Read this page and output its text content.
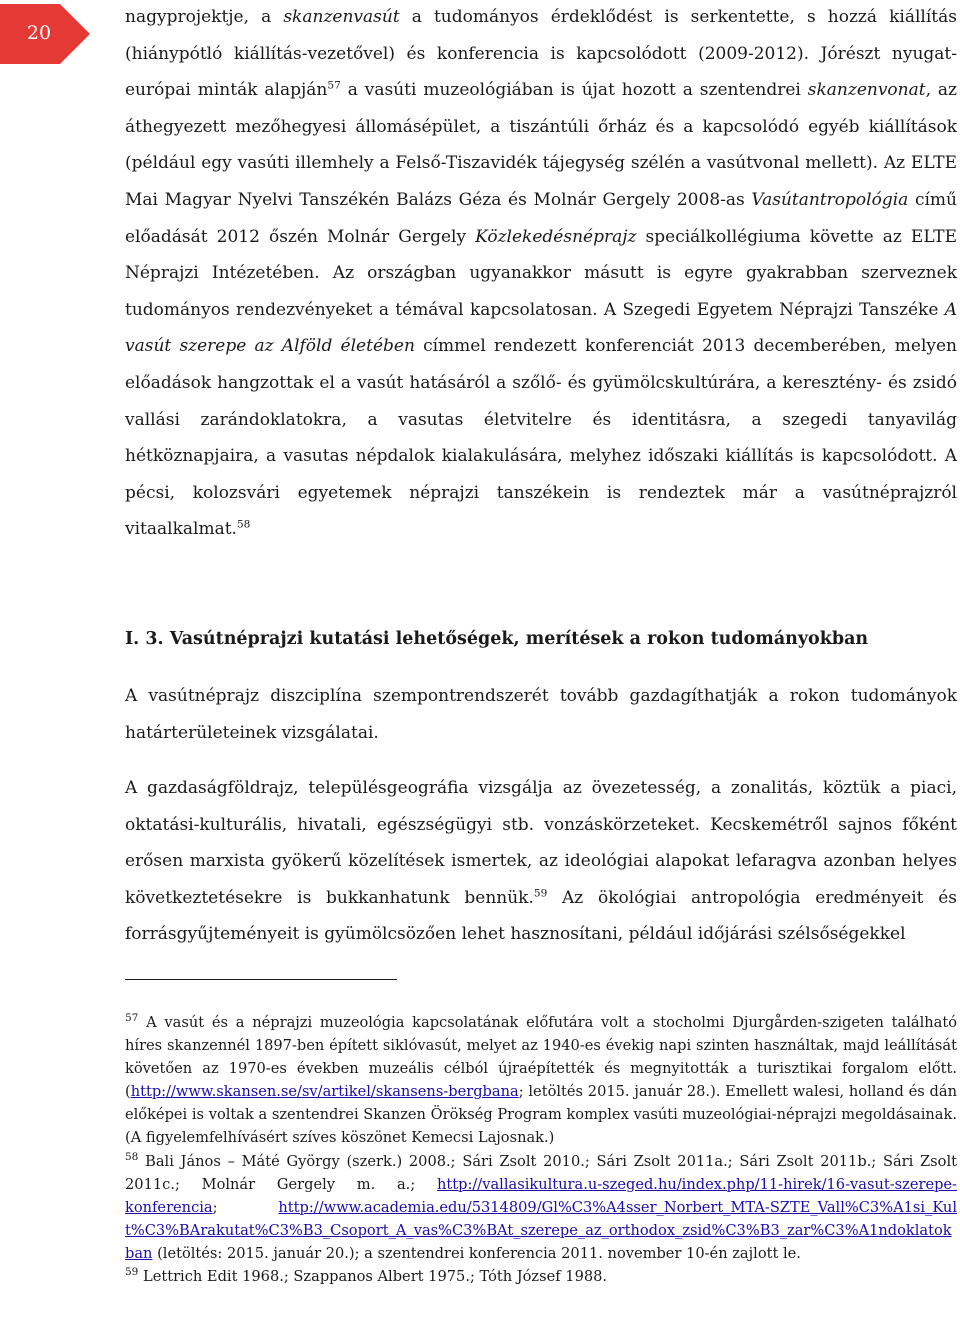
20

nagyprojektje, a skanzenvasút a tudományos érdeklődést is serkentette, s hozzá kiállítás (hiánypótló kiállítás-vezetővel) és konferencia is kapcsolódott (2009-2012). Jórészt nyugat-európai minták alapján$^{57}$ a vasúti muzeológiában is újat hozott a szentendrei skanzenvonat, az áthegyezett mezőhegyesi állomásépület, a tiszántúli őrház és a kapcsolódó egyéb kiállítások (például egy vasúti illemhely a Felső-Tiszavidék tájegység szélén a vasútvonal mellett). Az ELTE Mai Magyar Nyelvi Tanszékén Balázs Géza és Molnár Gergely 2008-as Vasútantropológia című előadását 2012 őszén Molnár Gergely Közlekedésnéprajz speciálkollégiuma követte az ELTE Néprajzi Intézetében. Az országban ugyanakkor másutt is egyre gyakrabban szerveznek tudományos rendezvényeket a témával kapcsolatosan. A Szegedi Egyetem Néprajzi Tanszéke A vasút szerepe az Alföld életében címmel rendezett konferenciát 2013 decemberében, melyen előadások hangzottak el a vasút hatásáról a szőlő- és gyümölcskultúrára, a keresztény- és zsidó vallási zarándoklatokra, a vasutas életvitelre és identitásra, a szegedi tanyavilág hétköznapjaira, a vasutas népdalok kialakulására, melyhez időszaki kiállítás is kapcsolódott. A pécsi, kolozsvári egyetemek néprajzi tanszékein is rendeztek már a vasútnéprajzról vitaalkalmat.$^{58}$

I. 3. Vasútnéprajzi kutatási lehetőségek, merítések a rokon tudományokban

A vasútnéprajz diszciplína szempontrendszerét tovább gazdagíthatják a rokon tudományok határterületeinek vizsgálatai.

A gazdaságföldrajz, településgeográfia vizsgálja az övezetesség, a zonalitás, köztük a piaci, oktatási-kulturális, hivatali, egészségügyi stb. vonzáskörzeteket. Kecskemétről sajnos főként erősen marxista gyökerű közelítések ismertek, az ideológiai alapokat lefaragva azonban helyes következtetésekre is bukkanhatunk bennük.$^{59}$ Az ökológiai antropológia eredményeit és forrásgyűjteményeit is gyümölcsözően lehet hasznosítani, például időjárási szélsőségekkel

$^{57}$ A vasút és a néprajzi muzeológia kapcsolatának előfutára volt a stocholmi Djurgården-szigeten található híres skanzennél 1897-ben épített siklóvasút, melyet az 1940-es évekig napi szinten használtak, majd leállítását követően az 1970-es években muzeális célból újraépítették és megnyitották a turisztikai forgalom előtt. (http://www.skansen.se/sv/artikel/skansens-bergbana; letöltés 2015. január 28.). Emellett walesi, holland és dán előképei is voltak a szentendrei Skanzen Örökség Program komplex vasúti muzeológiai-néprajzi megoldásainak. (A figyelemfelhívásért szíves köszönet Kemecsi Lajosnak.)

$^{58}$ Bali János – Máté György (szerk.) 2008.; Sári Zsolt 2010.; Sári Zsolt 2011a.; Sári Zsolt 2011b.; Sári Zsolt 2011c.; Molnár Gergely m. a.; http://vallasikultura.u-szeged.hu/index.php/11-hirek/16-vasut-szerepe-konferencia;          http://www.academia.edu/5314809/Gl%C3%A4sser_Norbert_MTA-SZTE_Vall%C3%A1si_Kult%C3%BArakutat%C3%B3_Csoport_A_vas%C3%BAt_szerepe_az_orthodox_zsid%C3%B3_zar%C3%A1ndoklatokban (letöltés: 2015. január 20.); a szentendrei konferencia 2011. november 10-én zajlott le.

$^{59}$ Lettrich Edit 1968.; Szappanos Albert 1975.; Tóth József 1988.
